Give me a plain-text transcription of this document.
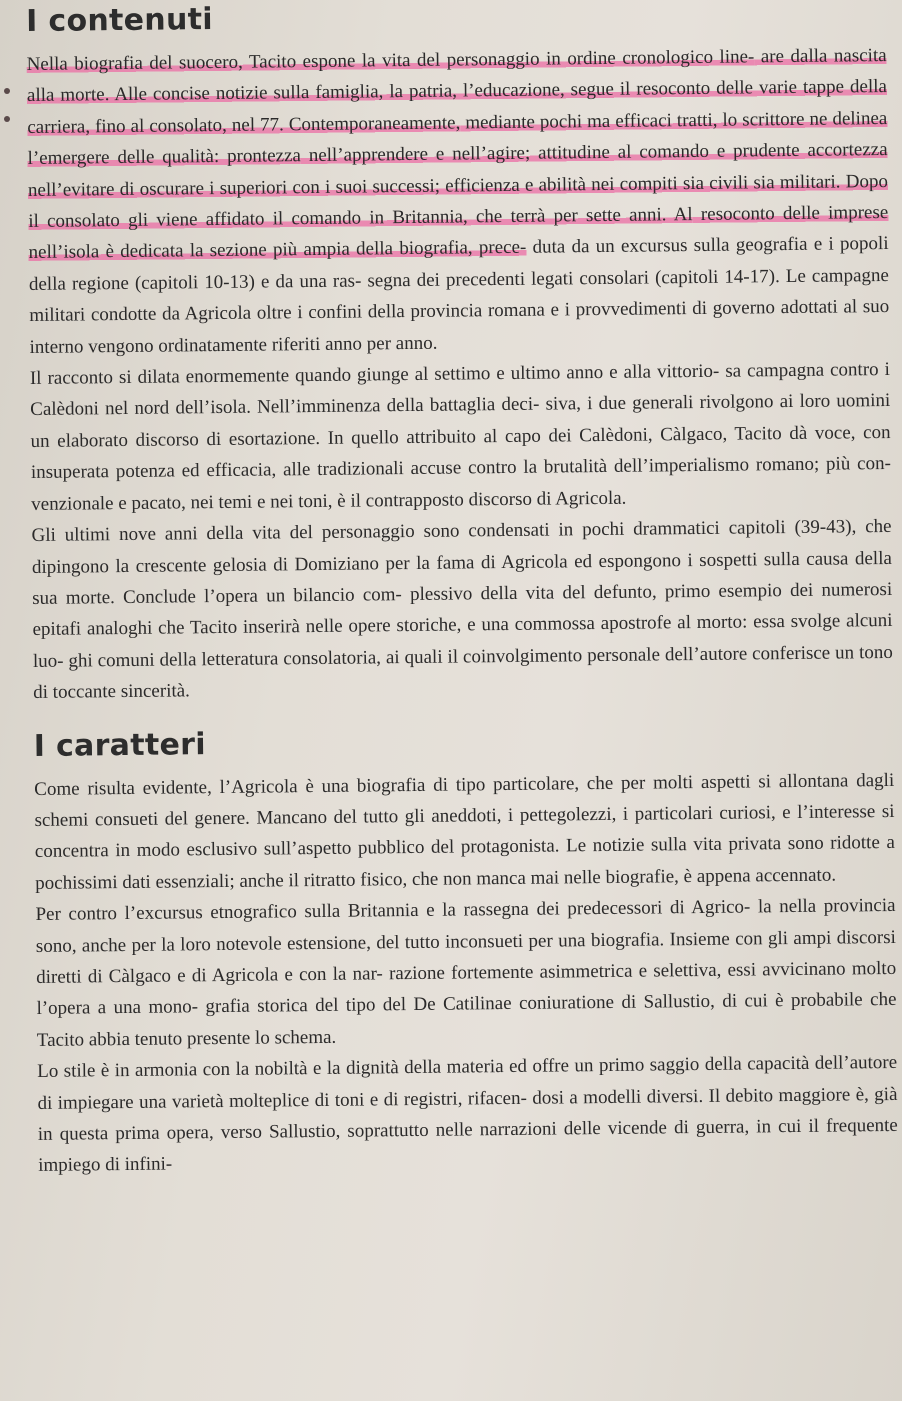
I contenuti

Nella biografia del suocero, Tacito espone la vita del personaggio in ordine cronologico line- are dalla nascita alla morte. Alle concise notizie sulla famiglia, la patria, l’educazione, segue il resoconto delle varie tappe della carriera, fino al consolato, nel 77. Contemporaneamente, mediante pochi ma efficaci tratti, lo scrittore ne delinea l’emergere delle qualità: prontezza nell’apprendere e nell’agire; attitudine al comando e prudente accortezza nell’evitare di oscurare i superiori con i suoi successi; efficienza e abilità nei compiti sia civili sia militari. Dopo il consolato gli viene affidato il comando in Britannia, che terrà per sette anni. Al resoconto delle imprese nell’isola è dedicata la sezione più ampia della biografia, prece- duta da un excursus sulla geografia e i popoli della regione (capitoli 10-13) e da una ras- segna dei precedenti legati consolari (capitoli 14-17). Le campagne militari condotte da Agricola oltre i confini della provincia romana e i provvedimenti di governo adottati al suo interno vengono ordinatamente riferiti anno per anno.

Il racconto si dilata enormemente quando giunge al settimo e ultimo anno e alla vittorio- sa campagna contro i Calèdoni nel nord dell’isola. Nell’imminenza della battaglia deci- siva, i due generali rivolgono ai loro uomini un elaborato discorso di esortazione. In quello attribuito al capo dei Calèdoni, Càlgaco, Tacito dà voce, con insuperata potenza ed efficacia, alle tradizionali accuse contro la brutalità dell’imperialismo romano; più con- venzionale e pacato, nei temi e nei toni, è il contrapposto discorso di Agricola.

Gli ultimi nove anni della vita del personaggio sono condensati in pochi drammatici capitoli (39-43), che dipingono la crescente gelosia di Domiziano per la fama di Agricola ed espongono i sospetti sulla causa della sua morte. Conclude l’opera un bilancio com- plessivo della vita del defunto, primo esempio dei numerosi epitafi analoghi che Tacito inserirà nelle opere storiche, e una commossa apostrofe al morto: essa svolge alcuni luo- ghi comuni della letteratura consolatoria, ai quali il coinvolgimento personale dell’autore conferisce un tono di toccante sincerità.

I caratteri

Come risulta evidente, l’Agricola è una biografia di tipo particolare, che per molti aspetti si allontana dagli schemi consueti del genere. Mancano del tutto gli aneddoti, i pettegolezzi, i particolari curiosi, e l’interesse si concentra in modo esclusivo sull’aspetto pubblico del protagonista. Le notizie sulla vita privata sono ridotte a pochissimi dati essenziali; anche il ritratto fisico, che non manca mai nelle biografie, è appena accennato.

Per contro l’excursus etnografico sulla Britannia e la rassegna dei predecessori di Agrico- la nella provincia sono, anche per la loro notevole estensione, del tutto inconsueti per una biografia. Insieme con gli ampi discorsi diretti di Càlgaco e di Agricola e con la nar- razione fortemente asimmetrica e selettiva, essi avvicinano molto l’opera a una mono- grafia storica del tipo del De Catilinae coniuratione di Sallustio, di cui è probabile che Tacito abbia tenuto presente lo schema.

Lo stile è in armonia con la nobiltà e la dignità della materia ed offre un primo saggio della capacità dell’autore di impiegare una varietà molteplice di toni e di registri, rifacen- dosi a modelli diversi. Il debito maggiore è, già in questa prima opera, verso Sallustio, soprattutto nelle narrazioni delle vicende di guerra, in cui il frequente impiego di infini-
